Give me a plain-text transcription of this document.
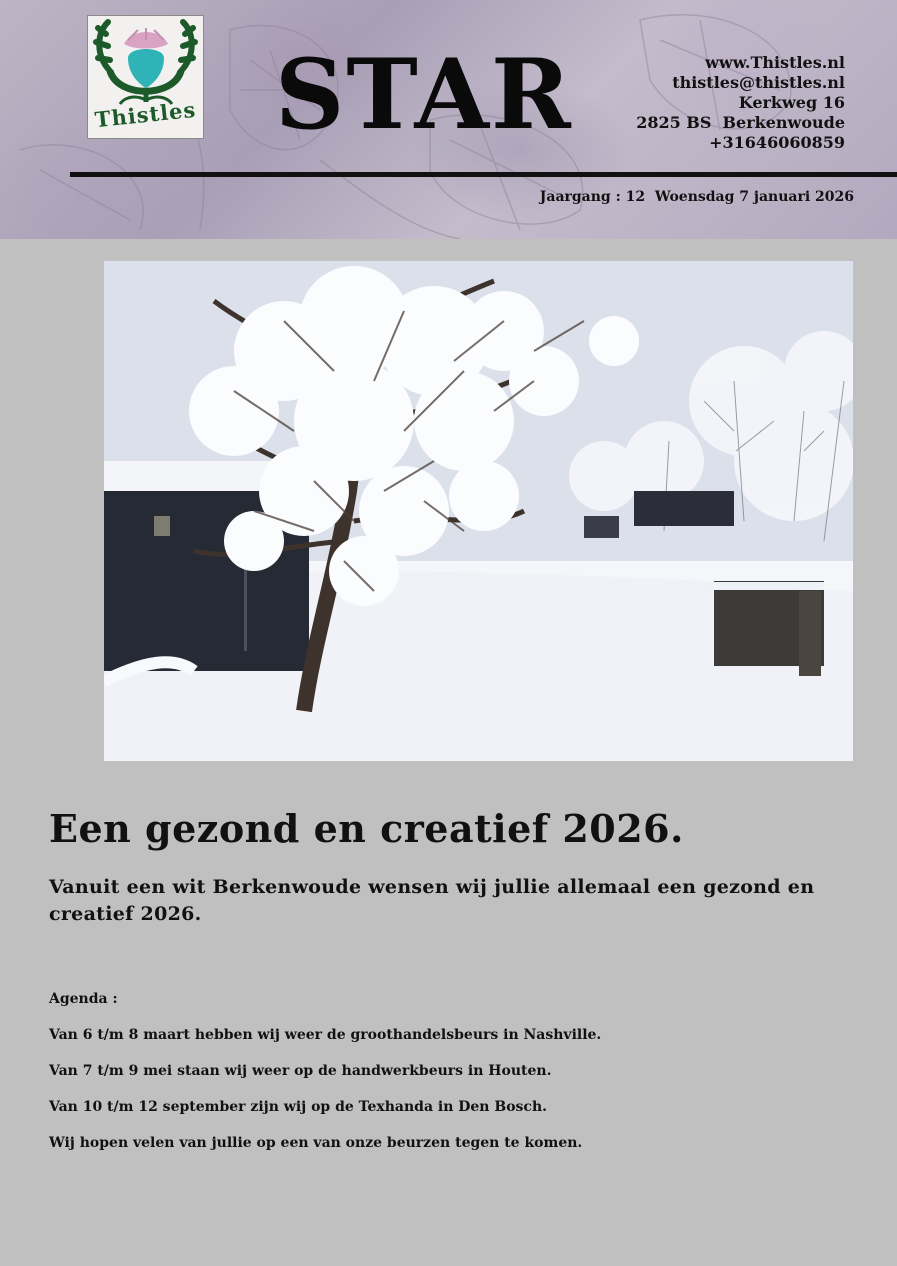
Thistles STAR	www.Thistles.nl
thistles@thistles.nl
Kerkweg 16
2825 BS  Berkenwoude
+31646060859
Jaargang : 12  Woensdag 7 januari 2026
Een gezond en creatief 2026.

Vanuit een wit Berkenwoude wensen wij jullie allemaal een gezond en creatief 2026.

Agenda :

Van 6 t/m 8 maart hebben wij weer de groothandelsbeurs in Nashville.

Van 7 t/m 9 mei staan wij weer op de handwerkbeurs in Houten.

Van 10 t/m 12 september zijn wij op de Texhanda in Den Bosch.

Wij hopen velen van jullie op een van onze beurzen tegen te komen.
